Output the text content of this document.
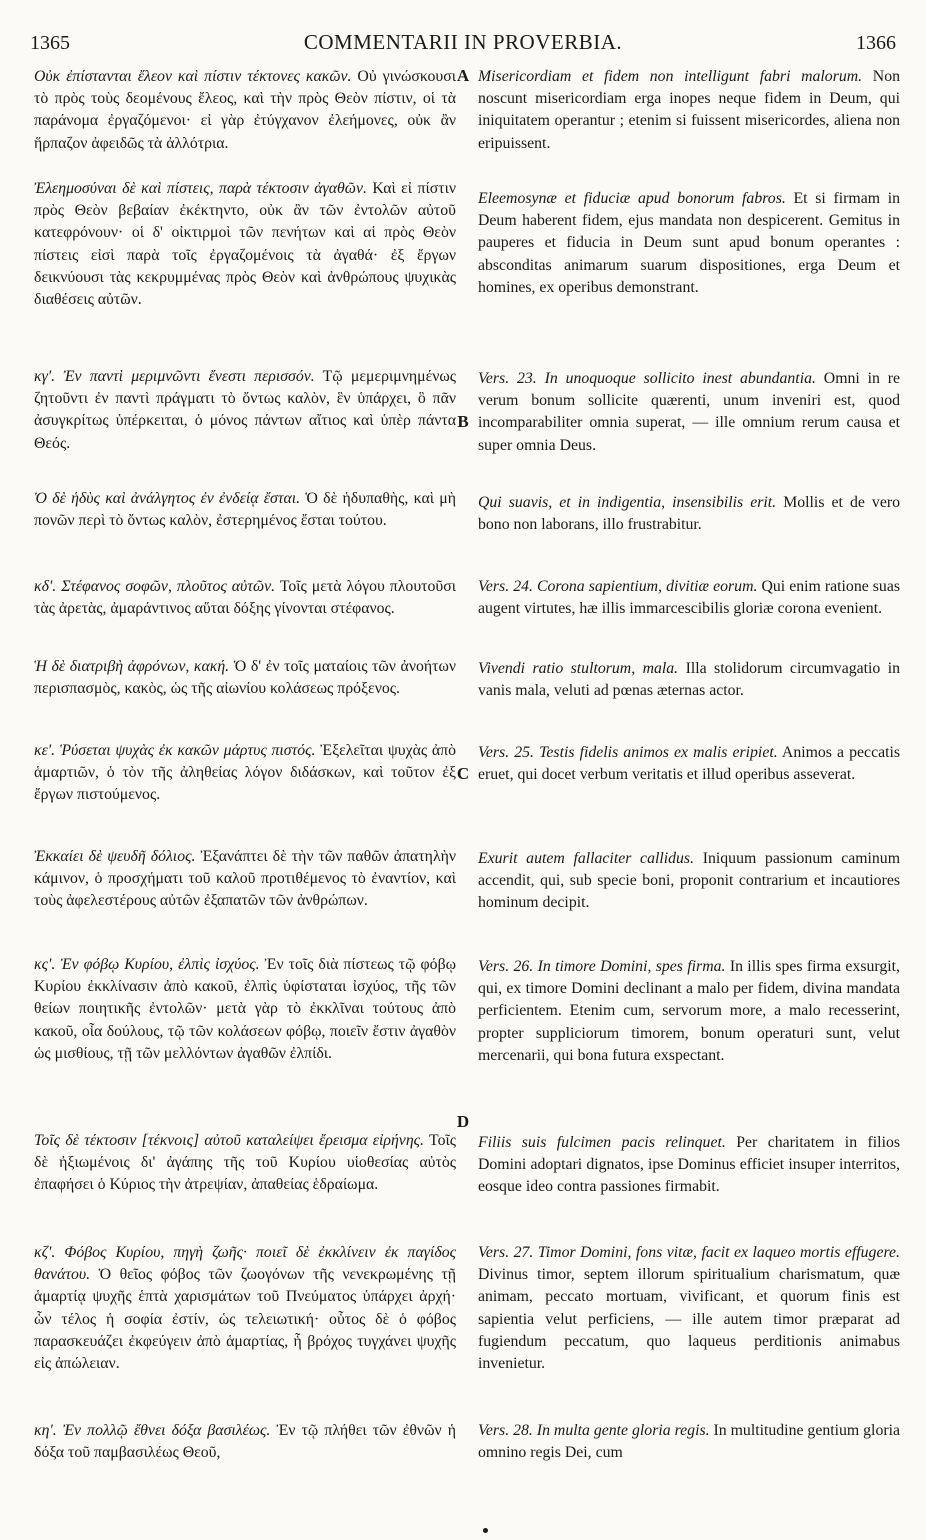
1365	COMMENTARII IN PROVERBIA.	1366

Οὐκ ἐπίστανται ἔλεον καὶ πίστιν τέκτονες κακῶν. Οὐ γινώσκουσι τὸ πρὸς τοὺς δεομένους ἔλεος, καὶ τὴν πρὸς Θεὸν πίστιν, οἱ τὰ παράνομα ἐργαζόμενοι· εἰ γὰρ ἐτύγχανον ἐλεήμονες, οὐκ ἂν ἥρπαζον ἀφειδῶς τὰ ἀλλότρια.

Ἐλεημοσύναι δὲ καὶ πίστεις, παρὰ τέκτοσιν ἀγαθῶν. Καὶ εἰ πίστιν πρὸς Θεὸν βεβαίαν ἐκέκτηντο, οὐκ ἂν τῶν ἐντολῶν αὐτοῦ κατεφρόνουν· οἱ δ' οἰκτιρμοὶ τῶν πενήτων καὶ αἱ πρὸς Θεὸν πίστεις εἰσὶ παρὰ τοῖς ἐργαζομένοις τὰ ἀγαθά· ἐξ ἔργων δεικνύουσι τὰς κεκρυμμένας πρὸς Θεὸν καὶ ἀνθρώπους ψυχικὰς διαθέσεις αὐτῶν.

κγ'. Ἐν παντὶ μεριμνῶντι ἔνεστι περισσόν. Τῷ μεμεριμνημένως ζητοῦντι ἐν παντὶ πράγματι τὸ ὄντως καλὸν, ἓν ὑπάρχει, ὃ πᾶν ἀσυγκρίτως ὑπέρκειται, ὁ μόνος πάντων αἴτιος καὶ ὑπὲρ πάντα Θεός.

Ὁ δὲ ἡδὺς καὶ ἀνάλγητος ἐν ἐνδείᾳ ἔσται. Ὁ δὲ ἡδυπαθὴς, καὶ μὴ πονῶν περὶ τὸ ὄντως καλὸν, ἐστερημένος ἔσται τούτου.

κδ'. Στέφανος σοφῶν, πλοῦτος αὐτῶν. Τοῖς μετὰ λόγου πλουτοῦσι τὰς ἀρετὰς, ἀμαράντινος αὕται δόξης γίνονται στέφανος.

Ἡ δὲ διατριβὴ ἀφρόνων, κακή. Ὁ δ' ἐν τοῖς ματαίοις τῶν ἀνοήτων περισπασμὸς, κακὸς, ὡς τῆς αἰωνίου κολάσεως πρόξενος.

κε'. Ῥύσεται ψυχὰς ἐκ κακῶν μάρτυς πιστός. Ἐξελεῖται ψυχὰς ἀπὸ ἁμαρτιῶν, ὁ τὸν τῆς ἀληθείας λόγον διδάσκων, καὶ τοῦτον ἐξ ἔργων πιστούμενος.

Ἐκκαίει δὲ ψευδῆ δόλιος. Ἐξανάπτει δὲ τὴν τῶν παθῶν ἀπατηλὴν κάμινον, ὁ προσχήματι τοῦ καλοῦ προτιθέμενος τὸ ἐναντίον, καὶ τοὺς ἀφελεστέρους αὐτῶν ἐξαπατῶν τῶν ἀνθρώπων.

κς'. Ἐν φόβῳ Κυρίου, ἐλπὶς ἰσχύος. Ἐν τοῖς διὰ πίστεως τῷ φόβῳ Κυρίου ἐκκλίνασιν ἀπὸ κακοῦ, ἐλπὶς ὑφίσταται ἰσχύος, τῆς τῶν θείων ποιητικῆς ἐντολῶν· μετὰ γὰρ τὸ ἐκκλῖναι τούτους ἀπὸ κακοῦ, οἷα δούλους, τῷ τῶν κολάσεων φόβῳ, ποιεῖν ἔστιν ἀγαθὸν ὡς μισθίους, τῇ τῶν μελλόντων ἀγαθῶν ἐλπίδι.

Τοῖς δὲ τέκτοσιν [τέκνοις] αὐτοῦ καταλείψει ἔρεισμα εἰρήνης. Τοῖς δὲ ἠξιωμένοις δι' ἀγάπης τῆς τοῦ Κυρίου υἱοθεσίας αὐτὸς ἐπαφήσει ὁ Κύριος τὴν ἀτρεψίαν, ἀπαθείας ἑδραίωμα.

κζ'. Φόβος Κυρίου, πηγὴ ζωῆς· ποιεῖ δὲ ἐκκλίνειν ἐκ παγίδος θανάτου. Ὁ θεῖος φόβος τῶν ζωογόνων τῆς νενεκρωμένης τῇ ἁμαρτίᾳ ψυχῆς ἑπτὰ χαρισμάτων τοῦ Πνεύματος ὑπάρχει ἀρχή· ὧν τέλος ἡ σοφία ἐστίν, ὡς τελειωτική· οὗτος δὲ ὁ φόβος παρασκευάζει ἐκφεύγειν ἀπὸ ἁμαρτίας, ἧ βρόχος τυγχάνει ψυχῆς εἰς ἀπώλειαν.

κη'. Ἐν πολλῷ ἔθνει δόξα βασιλέως. Ἐν τῷ πλήθει τῶν ἐθνῶν ἡ δόξα τοῦ παμβασιλέως Θεοῦ,

A
B
C
D

Misericordiam et fidem non intelligunt fabri malorum. Non noscunt misericordiam erga inopes neque fidem in Deum, qui iniquitatem operantur ; etenim si fuissent misericordes, aliena non eripuissent.

Eleemosynæ et fiduciæ apud bonorum fabros. Et si firmam in Deum haberent fidem, ejus mandata non despicerent. Gemitus in pauperes et fiducia in Deum sunt apud bonum operantes : absconditas animarum suarum dispositiones, erga Deum et homines, ex operibus demonstrant.

Vers. 23. In unoquoque sollicito inest abundantia. Omni in re verum bonum sollicite quærenti, unum inveniri est, quod incomparabiliter omnia superat, — ille omnium rerum causa et super omnia Deus.

Qui suavis, et in indigentia, insensibilis erit. Mollis et de vero bono non laborans, illo frustrabitur.

Vers. 24. Corona sapientium, divitiæ eorum. Qui enim ratione suas augent virtutes, hæ illis immarcescibilis gloriæ corona evenient.

Vivendi ratio stultorum, mala. Illa stolidorum circumvagatio in vanis mala, veluti ad pœnas æternas actor.

Vers. 25. Testis fidelis animos ex malis eripiet. Animos a peccatis eruet, qui docet verbum veritatis et illud operibus asseverat.

Exurit autem fallaciter callidus. Iniquum passionum caminum accendit, qui, sub specie boni, proponit contrarium et incautiores hominum decipit.

Vers. 26. In timore Domini, spes firma. In illis spes firma exsurgit, qui, ex timore Domini declinant a malo per fidem, divina mandata perficientem. Etenim cum, servorum more, a malo recesserint, propter suppliciorum timorem, bonum operaturi sunt, velut mercenarii, qui bona futura exspectant.

Filiis suis fulcimen pacis relinquet. Per charitatem in filios Domini adoptari dignatos, ipse Dominus efficiet insuper interritos, eosque ideo contra passiones firmabit.

Vers. 27. Timor Domini, fons vitæ, facit ex laqueo mortis effugere. Divinus timor, septem illorum spiritualium charismatum, quæ animam, peccato mortuam, vivificant, et quorum finis est sapientia velut perficiens, — ille autem timor præparat ad fugiendum peccatum, quo laqueus perditionis animabus invenietur.

Vers. 28. In multa gente gloria regis. In multitudine gentium gloria omnino regis Dei, cum
